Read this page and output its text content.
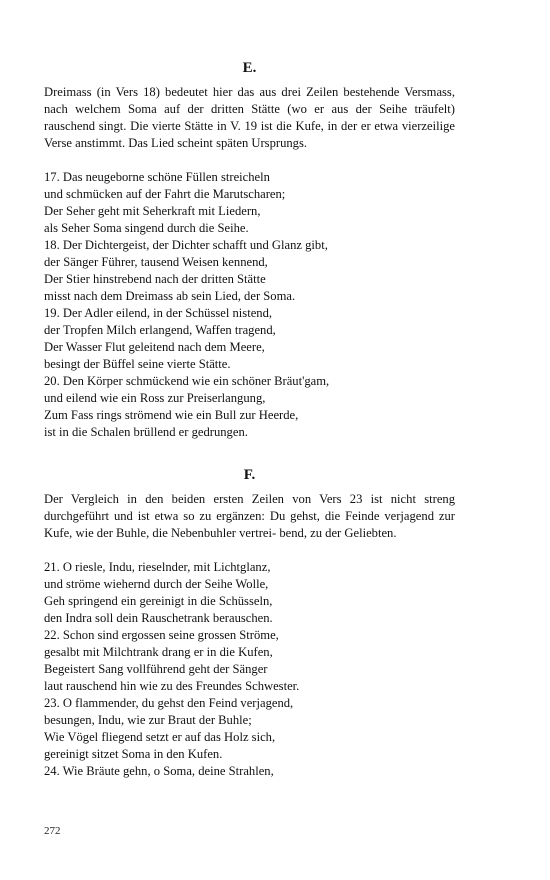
E.

Dreimass (in Vers 18) bedeutet hier das aus drei Zeilen bestehende Versmass, nach welchem Soma auf der dritten Stätte (wo er aus der Seihe träufelt) rauschend singt. Die vierte Stätte in V. 19 ist die Kufe, in der er etwa vierzeilige Verse anstimmt. Das Lied scheint späten Ursprungs.

17. Das neugeborne schöne Füllen streicheln
und schmücken auf der Fahrt die Marutscharen;
Der Seher geht mit Seherkraft mit Liedern,
als Seher Soma singend durch die Seihe.
18. Der Dichtergeist, der Dichter schafft und Glanz gibt,
der Sänger Führer, tausend Weisen kennend,
Der Stier hinstrebend nach der dritten Stätte
misst nach dem Dreimass ab sein Lied, der Soma.
19. Der Adler eilend, in der Schüssel nistend,
der Tropfen Milch erlangend, Waffen tragend,
Der Wasser Flut geleitend nach dem Meere,
besingt der Büffel seine vierte Stätte.
20. Den Körper schmückend wie ein schöner Bräut'gam,
und eilend wie ein Ross zur Preiserlangung,
Zum Fass rings strömend wie ein Bull zur Heerde,
ist in die Schalen brüllend er gedrungen.
F.
Der Vergleich in den beiden ersten Zeilen von Vers 23 ist nicht streng durchgeführt und ist etwa so zu ergänzen: Du gehst, die Feinde verjagend zur Kufe, wie der Buhle, die Nebenbuhler vertrei- bend, zu der Geliebten.
21. O riesle, Indu, rieselnder, mit Lichtglanz,
und ströme wiehernd durch der Seihe Wolle,
Geh springend ein gereinigt in die Schüsseln,
den Indra soll dein Rauschetrank berauschen.
22. Schon sind ergossen seine grossen Ströme,
gesalbt mit Milchtrank drang er in die Kufen,
Begeistert Sang vollführend geht der Sänger
laut rauschend hin wie zu des Freundes Schwester.
23. O flammender, du gehst den Feind verjagend,
besungen, Indu, wie zur Braut der Buhle;
Wie Vögel fliegend setzt er auf das Holz sich,
gereinigt sitzet Soma in den Kufen.
24. Wie Bräute gehn, o Soma, deine Strahlen,
272
